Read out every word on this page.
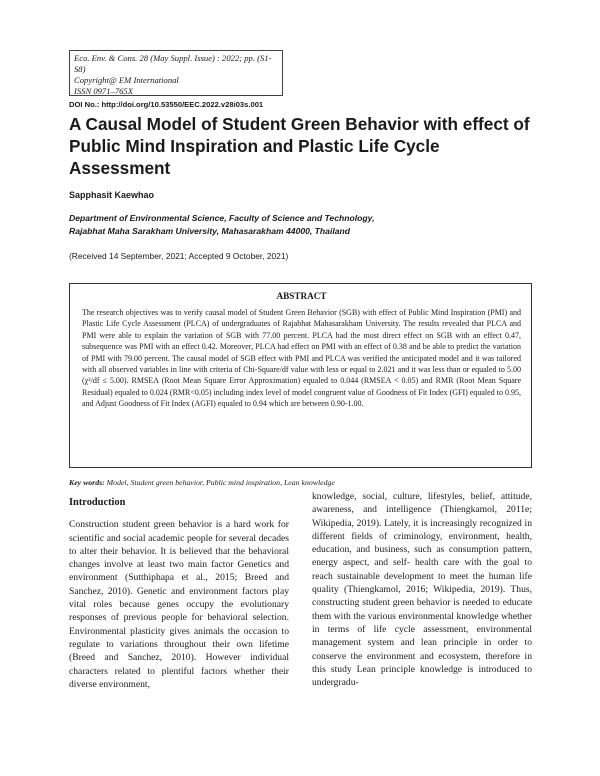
Eco. Env. & Cons. 28 (May Suppl. Issue) : 2022; pp. (S1-S8)
Copyright@ EM International
ISSN 0971–765X
DOI No.: http://doi.org/10.53550/EEC.2022.v28i03s.001
A Causal Model of Student Green Behavior with effect of Public Mind Inspiration and Plastic Life Cycle Assessment
Sapphasit Kaewhao
Department of Environmental Science, Faculty of Science and Technology,
Rajabhat Maha Sarakham University, Mahasarakham 44000, Thailand
(Received 14 September, 2021; Accepted 9 October, 2021)
ABSTRACT

The research objectives was to verify causal model of Student Green Behavior (SGB) with effect of Public Mind Inspiration (PMI) and Plastic Life Cycle Assessment (PLCA) of undergraduates of Rajabhat Mahasarakham University. The results revealed that PLCA and PMI were able to explain the variation of SGB with 77.00 percent. PLCA had the most direct effect on SGB with an effect 0.47, subsequence was PMI with an effect 0.42. Moreover, PLCA had effect on PMI with an effect of 0.38 and be able to predict the variation of PMI with 79.00 percent. The causal model of SGB effect with PMI and PLCA was verified the anticipated model and it was tailored with all observed variables in line with criteria of Chi-Square/df value with less or equal to 2.021 and it was less than or equaled to 5.00 (χ²/df ≤ 5.00). RMSEA (Root Mean Square Error Approximation) equaled to 0.044 (RMSEA < 0.05) and RMR (Root Mean Square Residual) equaled to 0.024 (RMR<0.05) including index level of model congruent value of Goodness of Fit Index (GFI) equaled to 0.95, and Adjust Goodness of Fit Index (AGFI) equaled to 0.94 which are between 0.90-1.00.

Key words: Model, Student green behavior, Public mind inspiration, Lean knowledge
Introduction

Construction student green behavior is a hard work for scientific and social academic people for several decades to alter their behavior. It is believed that the behavioral changes involve at least two main factor Genetics and environment (Sutthiphapa et al., 2015; Breed and Sanchez, 2010). Genetic and environment factors play vital roles because genes occupy the evolutionary responses of previous people for behavioral selection. Environmental plasticity gives animals the occasion to regulate to variations throughout their own lifetime (Breed and Sanchez, 2010). However individual characters related to plentiful factors whether their diverse environment,

knowledge, social, culture, lifestyles, belief, attitude, awareness, and intelligence (Thiengkamol, 2011e; Wikipedia, 2019). Lately, it is increasingly recognized in different fields of criminology, environment, health, education, and business, such as consumption pattern, energy aspect, and self- health care with the goal to reach sustainable development to meet the human life quality (Thiengkamol, 2016; Wikipedia, 2019). Thus, constructing student green behavior is needed to educate them with the various environmental knowledge whether in terms of life cycle assessment, environmental management system and lean principle in order to conserve the environment and ecosystem, therefore in this study Lean principle knowledge is introduced to undergradu-
